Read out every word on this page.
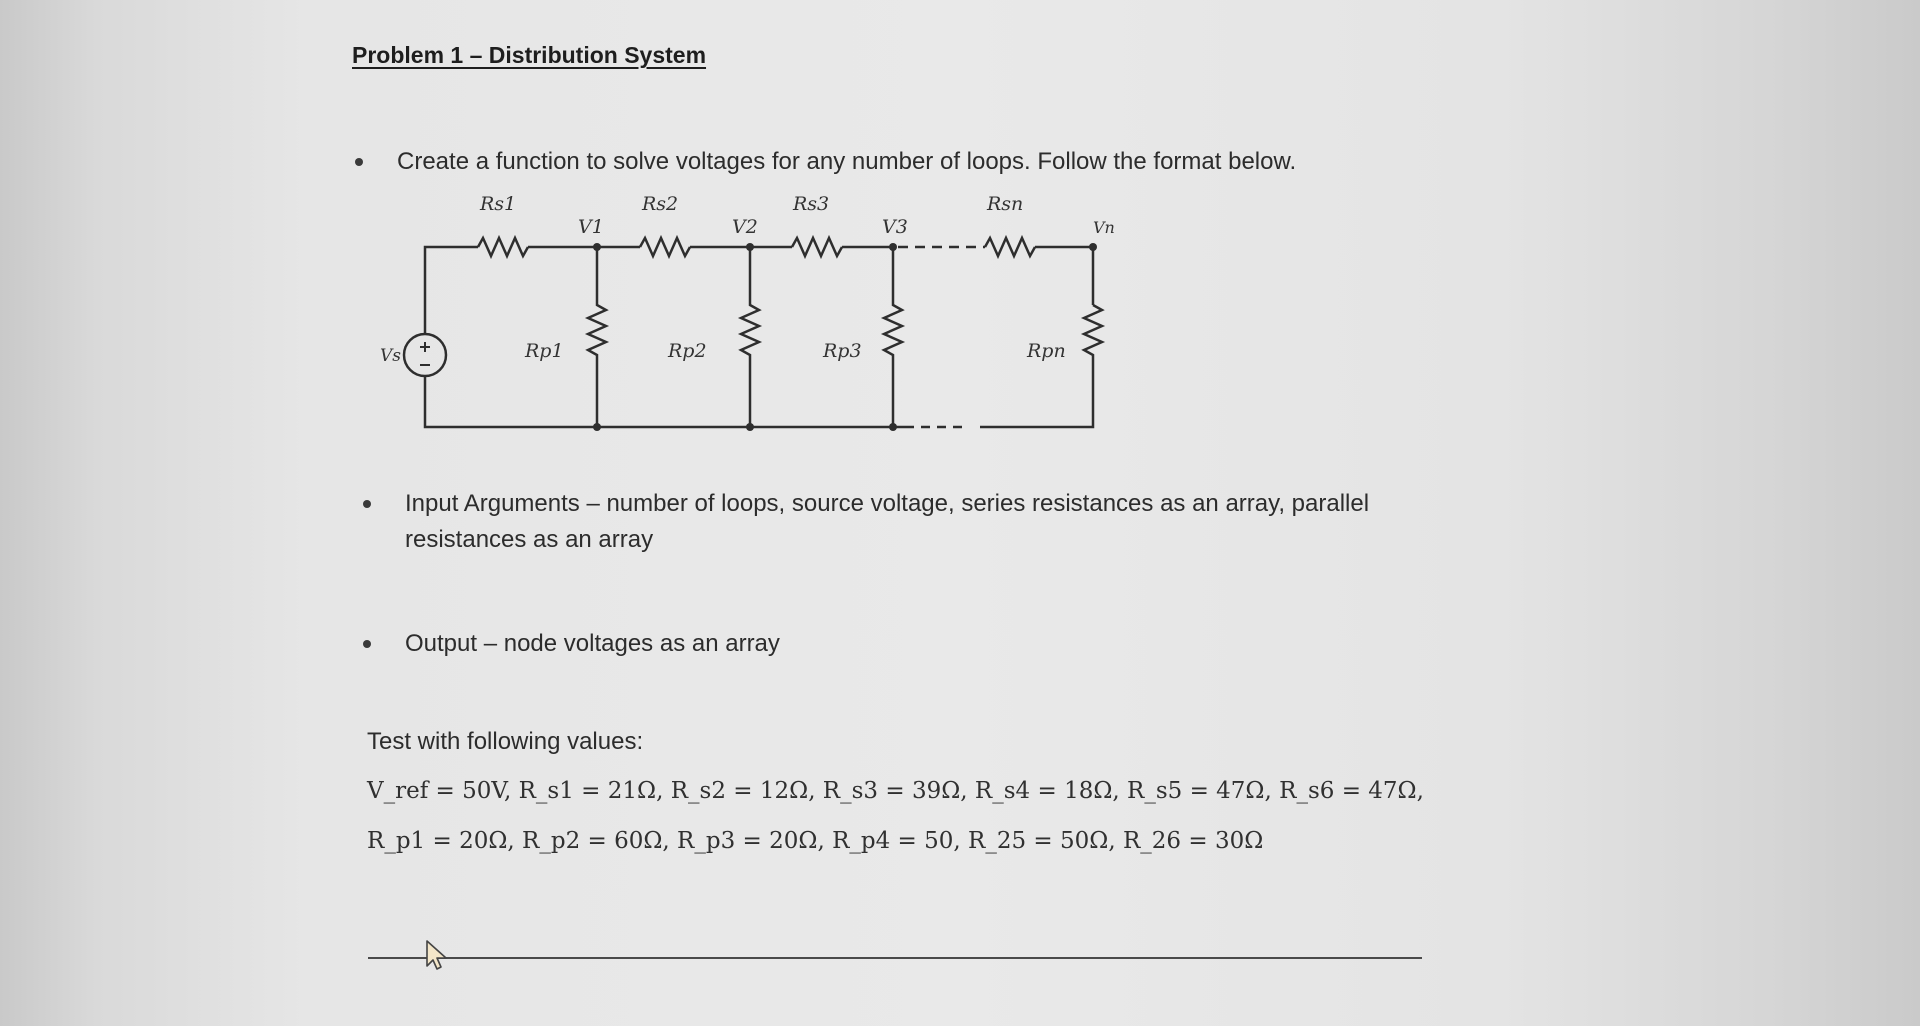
Problem 1 – Distribution System
Create a function to solve voltages for any number of loops. Follow the format below.
Rs1	Rs2	Rs3	Rsn
V1	V2	V3	Vn
Vs	Rp1	Rp2	Rp3	Rpn
Input Arguments – number of loops, source voltage, series resistances as an array, parallel resistances as an array
Output – node voltages as an array
Test with following values:
V_ref = 50V, R_s1 = 21Ω, R_s2 = 12Ω, R_s3 = 39Ω, R_s4 = 18Ω, R_s5 = 47Ω, R_s6 = 47Ω,
R_p1 = 20Ω, R_p2 = 60Ω, R_p3 = 20Ω, R_p4 = 50, R_25 = 50Ω, R_26 = 30Ω
